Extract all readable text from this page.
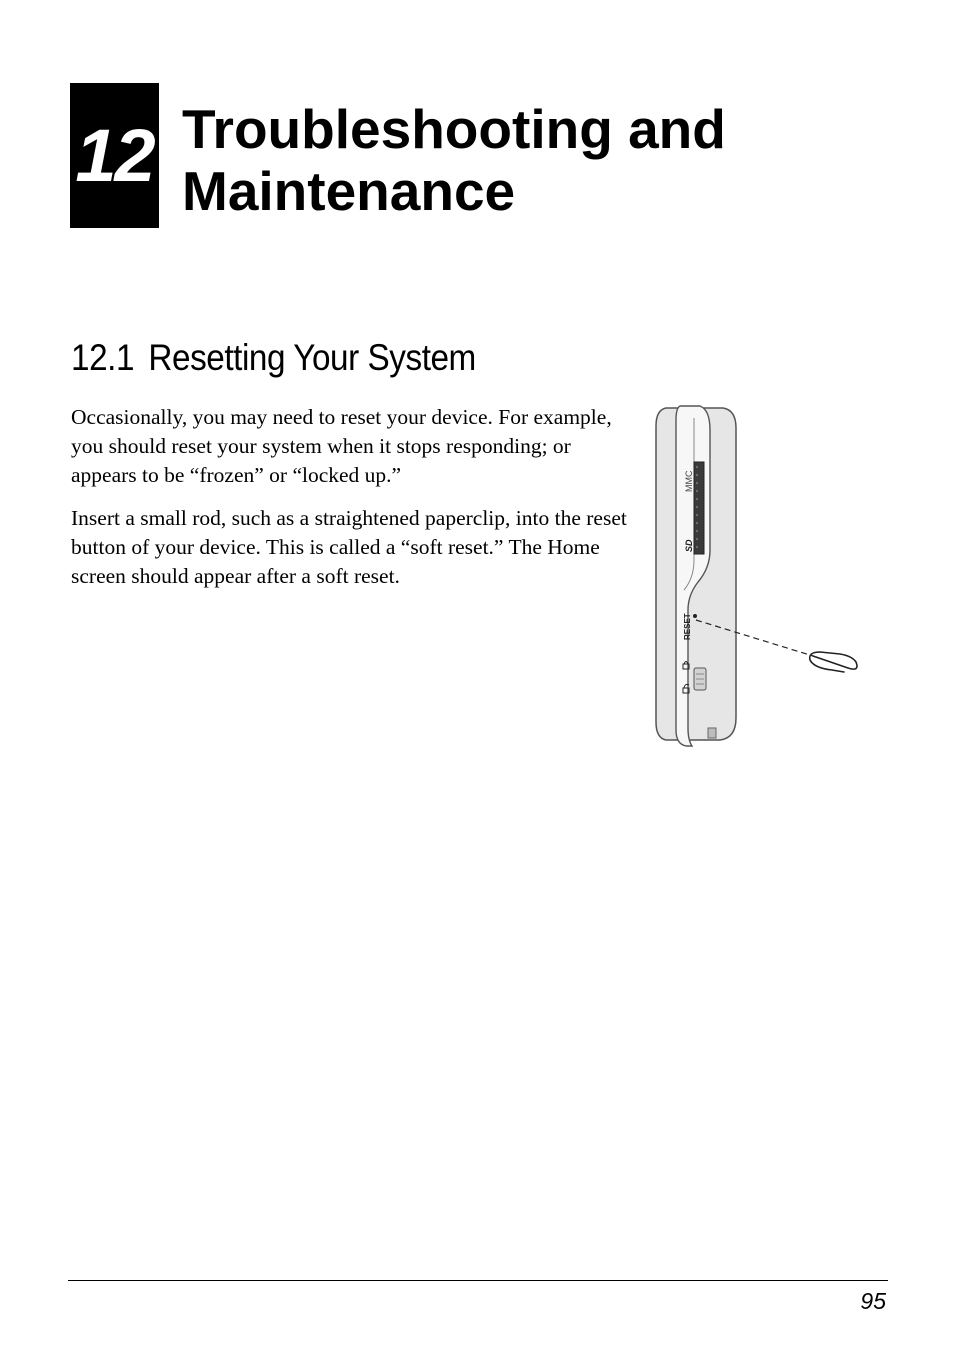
12 Troubleshooting and
Maintenance
12.1 Resetting Your System

Occasionally, you may need to reset your device. For example, you should reset your system when it stops responding; or appears to be “frozen” or “locked up.”

Insert a small rod, such as a straightened paperclip, into the reset button of your device. This is called a “soft reset.” The Home screen should appear after a soft reset.

MMC
SD
RESET
95
